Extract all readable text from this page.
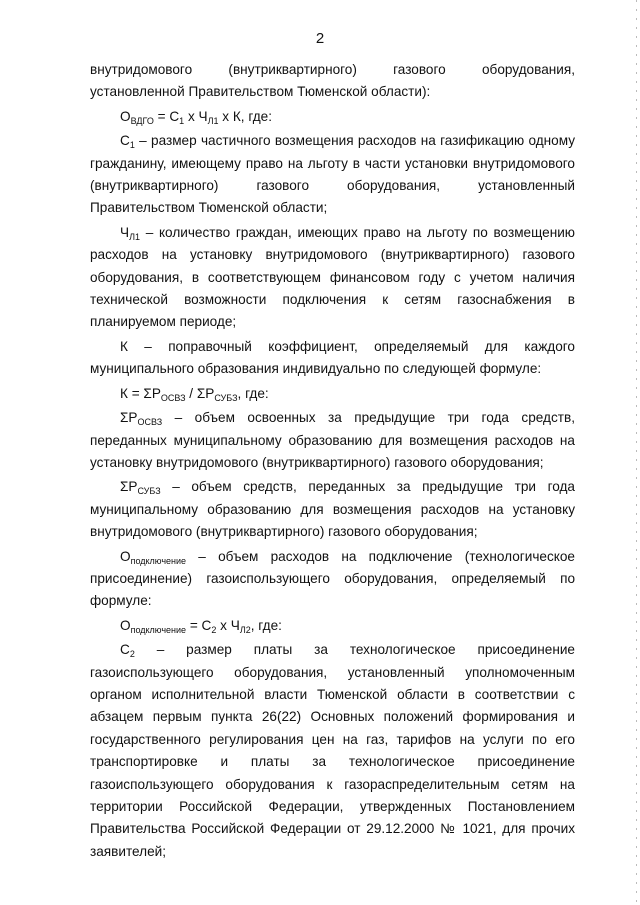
2

внутридомового (внутриквартирного) газового оборудования, установленной Правительством Тюменской области):

$О_{ВДГО} = С_1$ х $Ч_{Л1}$ х К, где:

$С_1$ – размер частичного возмещения расходов на газификацию одному гражданину, имеющему право на льготу в части установки внутридомового (внутриквартирного) газового оборудования, установленный Правительством Тюменской области;

$Ч_{Л1}$ – количество граждан, имеющих право на льготу по возмещению расходов на установку внутридомового (внутриквартирного) газового оборудования, в соответствующем финансовом году с учетом наличия технической возможности подключения к сетям газоснабжения в планируемом периоде;

К – поправочный коэффициент, определяемый для каждого муниципального образования индивидуально по следующей формуле:

$К = \Sigma Р_{ОСВЗ} / \Sigma Р_{СУБЗ}$, где:

$\Sigma Р_{ОСВЗ}$ – объем освоенных за предыдущие три года средств, переданных муниципальному образованию для возмещения расходов на установку внутридомового (внутриквартирного) газового оборудования;

$\Sigma Р_{СУБЗ}$ – объем средств, переданных за предыдущие три года муниципальному образованию для возмещения расходов на установку внутридомового (внутриквартирного) газового оборудования;

$О_{подключение}$ – объем расходов на подключение (технологическое присоединение) газоиспользующего оборудования, определяемый по формуле:

$О_{подключение} = С_2$ х $Ч_{Л2}$, где:

$С_2$ – размер платы за технологическое присоединение газоиспользующего оборудования, установленный уполномоченным органом исполнительной власти Тюменской области в соответствии с абзацем первым пункта 26(22) Основных положений формирования и государственного регулирования цен на газ, тарифов на услуги по его транспортировке и платы за технологическое присоединение газоиспользующего оборудования к газораспределительным сетям на территории Российской Федерации, утвержденных Постановлением Правительства Российской Федерации от 29.12.2000 № 1021, для прочих заявителей;
